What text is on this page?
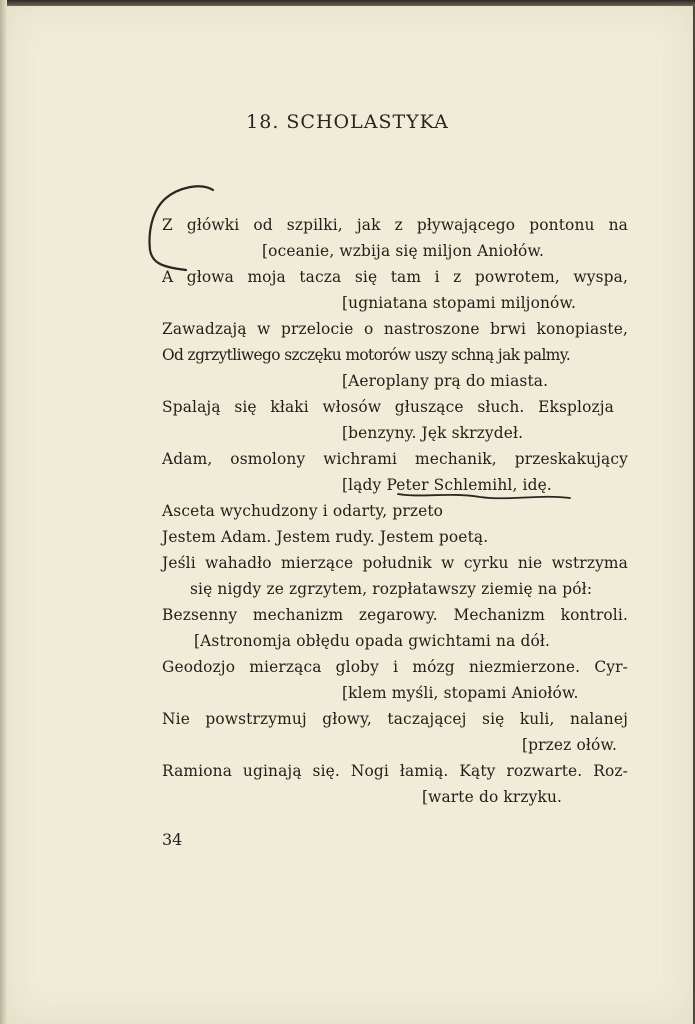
18. SCHOLASTYKA
Z główki od szpilki, jak z pływającego pontonu na
[oceanie, wzbija się miljon Aniołów.
A głowa moja tacza się tam i z powrotem, wyspa,
[ugniatana stopami miljonów.
Zawadzają w przelocie o nastroszone brwi konopiaste,
Od zgrzytliwego szczęku motorów uszy schną jak palmy.
[Aeroplany prą do miasta.
Spalają się kłaki włosów głuszące słuch. Eksplozja
[benzyny. Jęk skrzydeł.
Adam, osmolony wichrami mechanik, przeskakujący
[lądy Peter Schlemihl, idę.
Asceta wychudzony i odarty, przeto
Jestem Adam. Jestem rudy. Jestem poetą.
Jeśli wahadło mierzące południk w cyrku nie wstrzyma
się nigdy ze zgrzytem, rozpłatawszy ziemię na pół:
Bezsenny mechanizm zegarowy. Mechanizm kontroli.
[Astronomja obłędu opada gwichtami na dół.
Geodozjo mierząca globy i mózg niezmierzone. Cyr-
[klem myśli, stopami Aniołów.
Nie powstrzymuj głowy, taczającej się kuli, nalanej
[przez ołów.
Ramiona uginają się. Nogi łamią. Kąty rozwarte. Roz-
[warte do krzyku.
34
